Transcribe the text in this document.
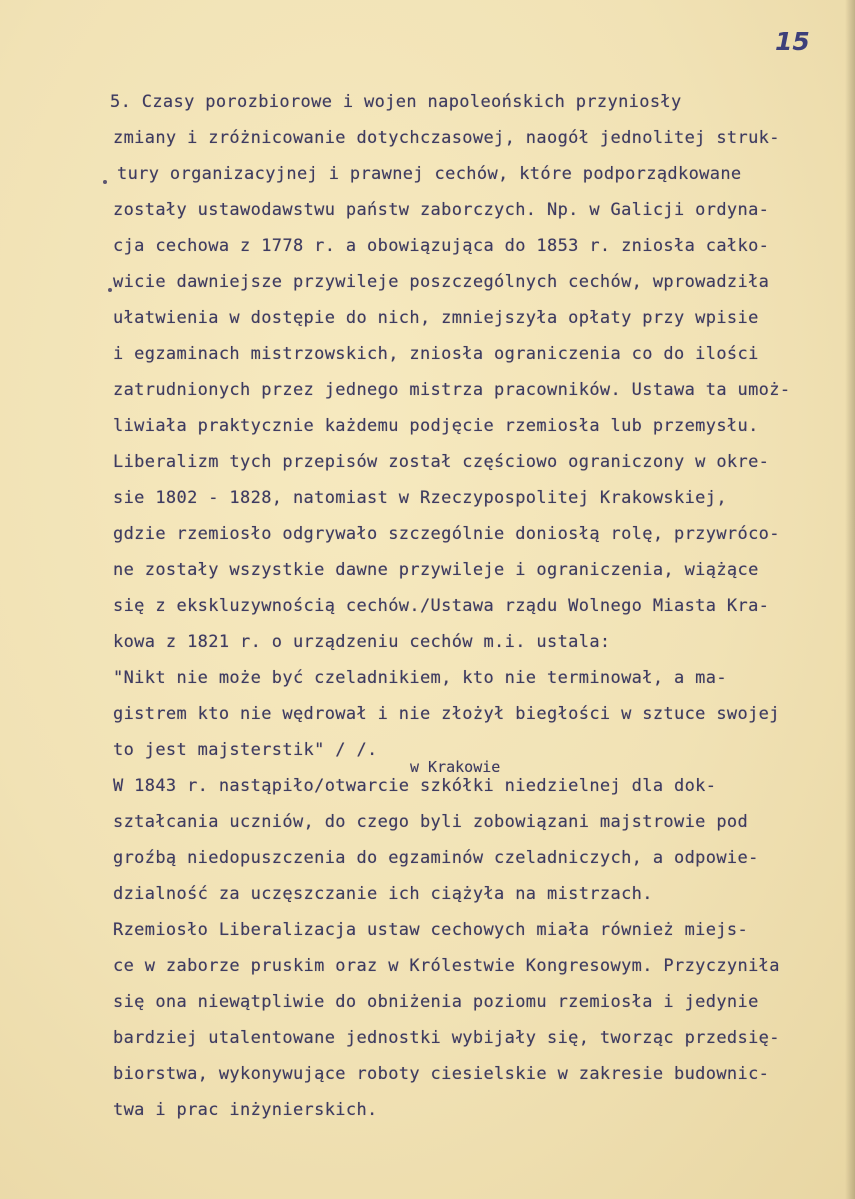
15
5. Czasy porozbiorowe i wojen napoleońskich przyniosły
zmiany i zróżnicowanie dotychczasowej, naogół jednolitej struk-
tury organizacyjnej i prawnej cechów, które podporządkowane
zostały ustawodawstwu państw zaborczych. Np. w Galicji ordyna-
cja cechowa z 1778 r. a obowiązująca do 1853 r. zniosła całko-
wicie dawniejsze przywileje poszczególnych cechów, wprowadziła
ułatwienia w dostępie do nich, zmniejszyła opłaty przy wpisie
i egzaminach mistrzowskich, zniosła ograniczenia co do ilości
zatrudnionych przez jednego mistrza pracowników. Ustawa ta umoż-
liwiała praktycznie każdemu podjęcie rzemiosła lub przemysłu.
Liberalizm tych przepisów został częściowo ograniczony w okre-
sie 1802 - 1828, natomiast w Rzeczypospolitej Krakowskiej,
gdzie rzemiosło odgrywało szczególnie doniosłą rolę, przywróco-
ne zostały wszystkie dawne przywileje i ograniczenia, wiążące
się z ekskluzywnością cechów./Ustawa rządu Wolnego Miasta Kra-
kowa z 1821 r. o urządzeniu cechów m.i. ustala:
"Nikt nie może być czeladnikiem, kto nie terminował, a ma-
gistrem kto nie wędrował i nie złożył biegłości w sztuce swojej
to jest majsterstik" / /.
w Krakowie
W 1843 r. nastąpiło/otwarcie szkółki niedzielnej dla dok-
ształcania uczniów, do czego byli zobowiązani majstrowie pod
groźbą niedopuszczenia do egzaminów czeladniczych, a odpowie-
dzialność za uczęszczanie ich ciążyła na mistrzach.
Rzemiosło Liberalizacja ustaw cechowych miała również miejs-
ce w zaborze pruskim oraz w Królestwie Kongresowym. Przyczyniła
się ona niewątpliwie do obniżenia poziomu rzemiosła i jedynie
bardziej utalentowane jednostki wybijały się, tworząc przedsię-
biorstwa, wykonywujące roboty ciesielskie w zakresie budownic-
twa i prac inżynierskich.
